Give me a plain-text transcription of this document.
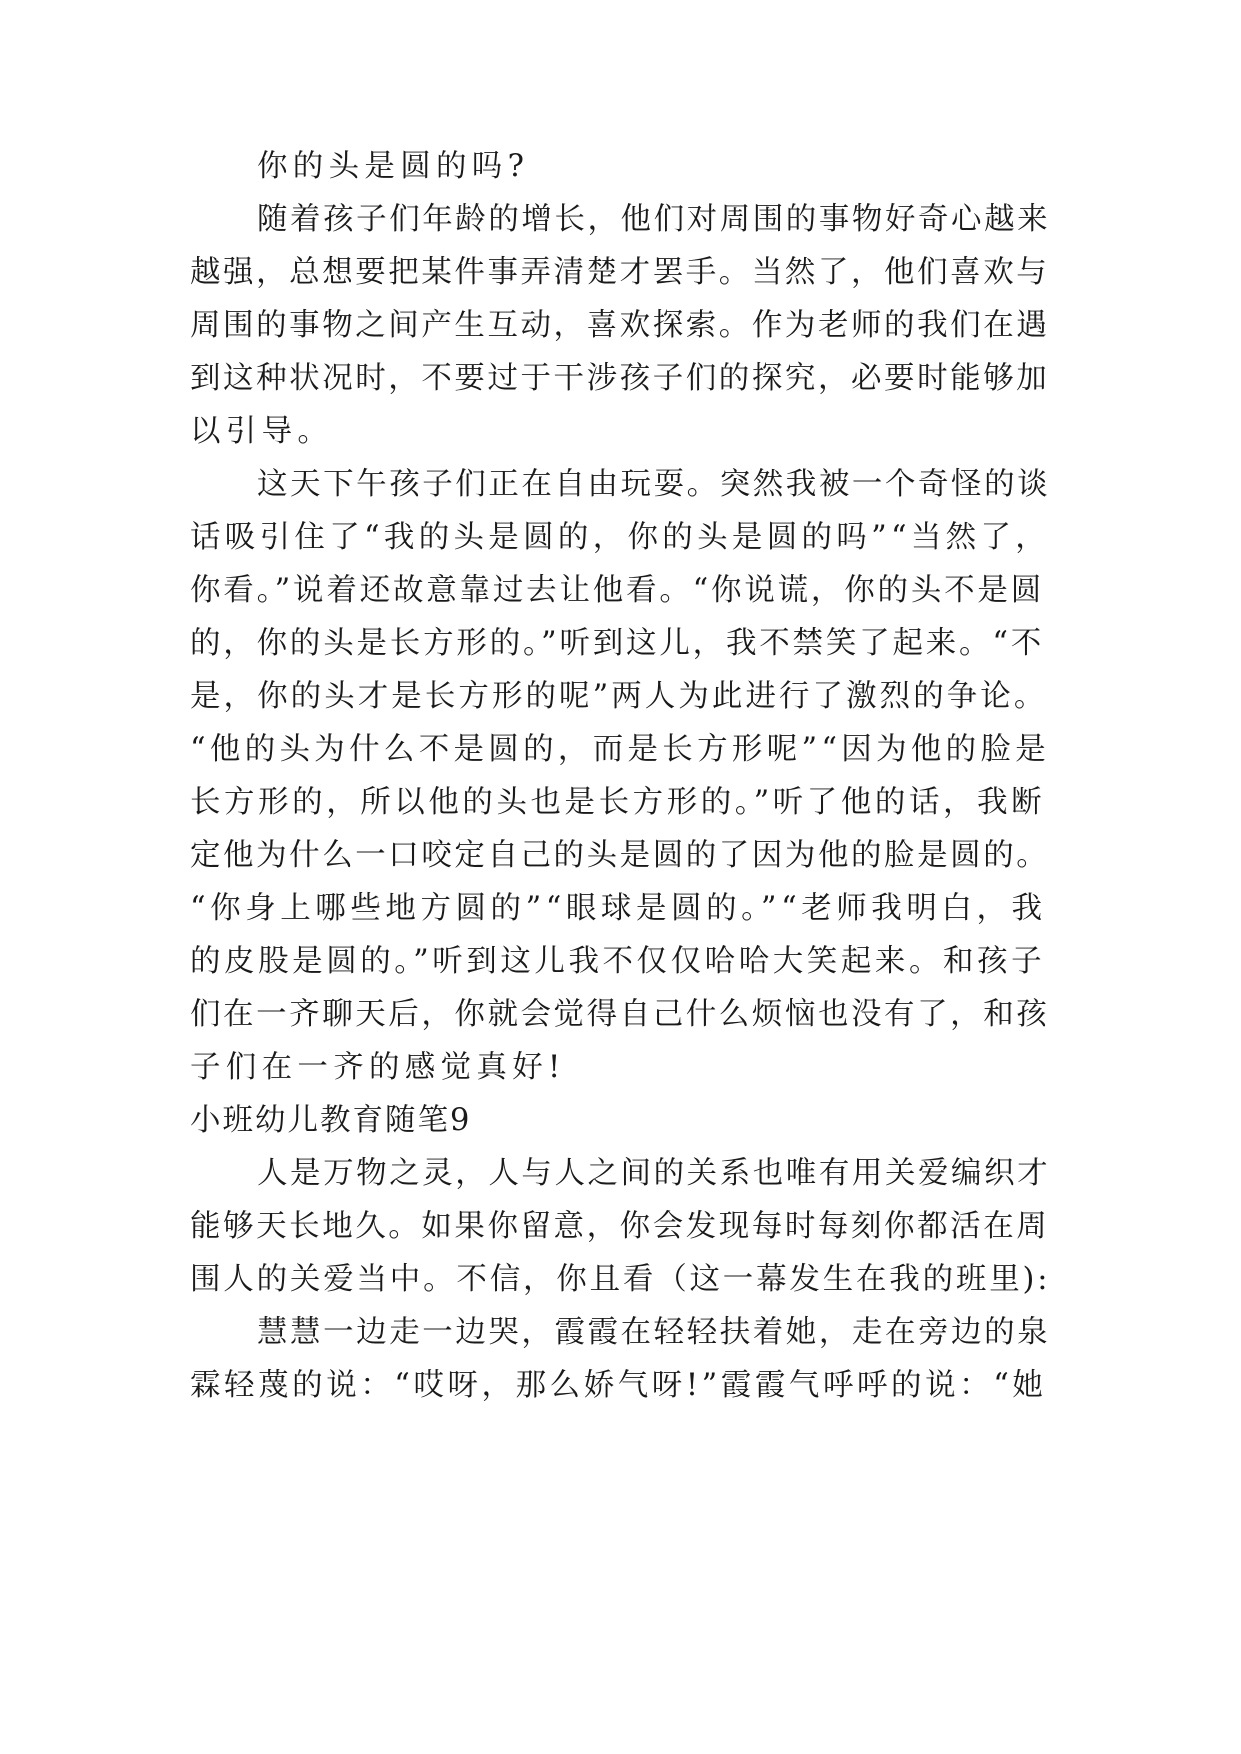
你的头是圆的吗?

随着孩子们年龄的增长，他们对周围的事物好奇心越来

越强，总想要把某件事弄清楚才罢手。当然了，他们喜欢与

周围的事物之间产生互动，喜欢探索。作为老师的我们在遇

到这种状况时，不要过于干涉孩子们的探究，必要时能够加

以引导。

这天下午孩子们正在自由玩耍。突然我被一个奇怪的谈

话吸引住了“我的头是圆的，你的头是圆的吗”“当然了，

你看。”说着还故意靠过去让他看。“你说谎，你的头不是圆

的，你的头是长方形的。”听到这儿，我不禁笑了起来。“不

是，你的头才是长方形的呢”两人为此进行了激烈的争论。

“他的头为什么不是圆的，而是长方形呢”“因为他的脸是

长方形的，所以他的头也是长方形的。”听了他的话，我断

定他为什么一口咬定自己的头是圆的了因为他的脸是圆的。

“你身上哪些地方圆的”“眼球是圆的。”“老师我明白，我

的皮股是圆的。”听到这儿我不仅仅哈哈大笑起来。和孩子

们在一齐聊天后，你就会觉得自己什么烦恼也没有了，和孩

子们在一齐的感觉真好!

小班幼儿教育随笔9

人是万物之灵，人与人之间的关系也唯有用关爱编织才

能够天长地久。如果你留意，你会发现每时每刻你都活在周

围人的关爱当中。不信，你且看（这一幕发生在我的班里):

慧慧一边走一边哭，霞霞在轻轻扶着她，走在旁边的泉

霖轻蔑的说：“哎呀，那么娇气呀!”霞霞气呼呼的说：“她
